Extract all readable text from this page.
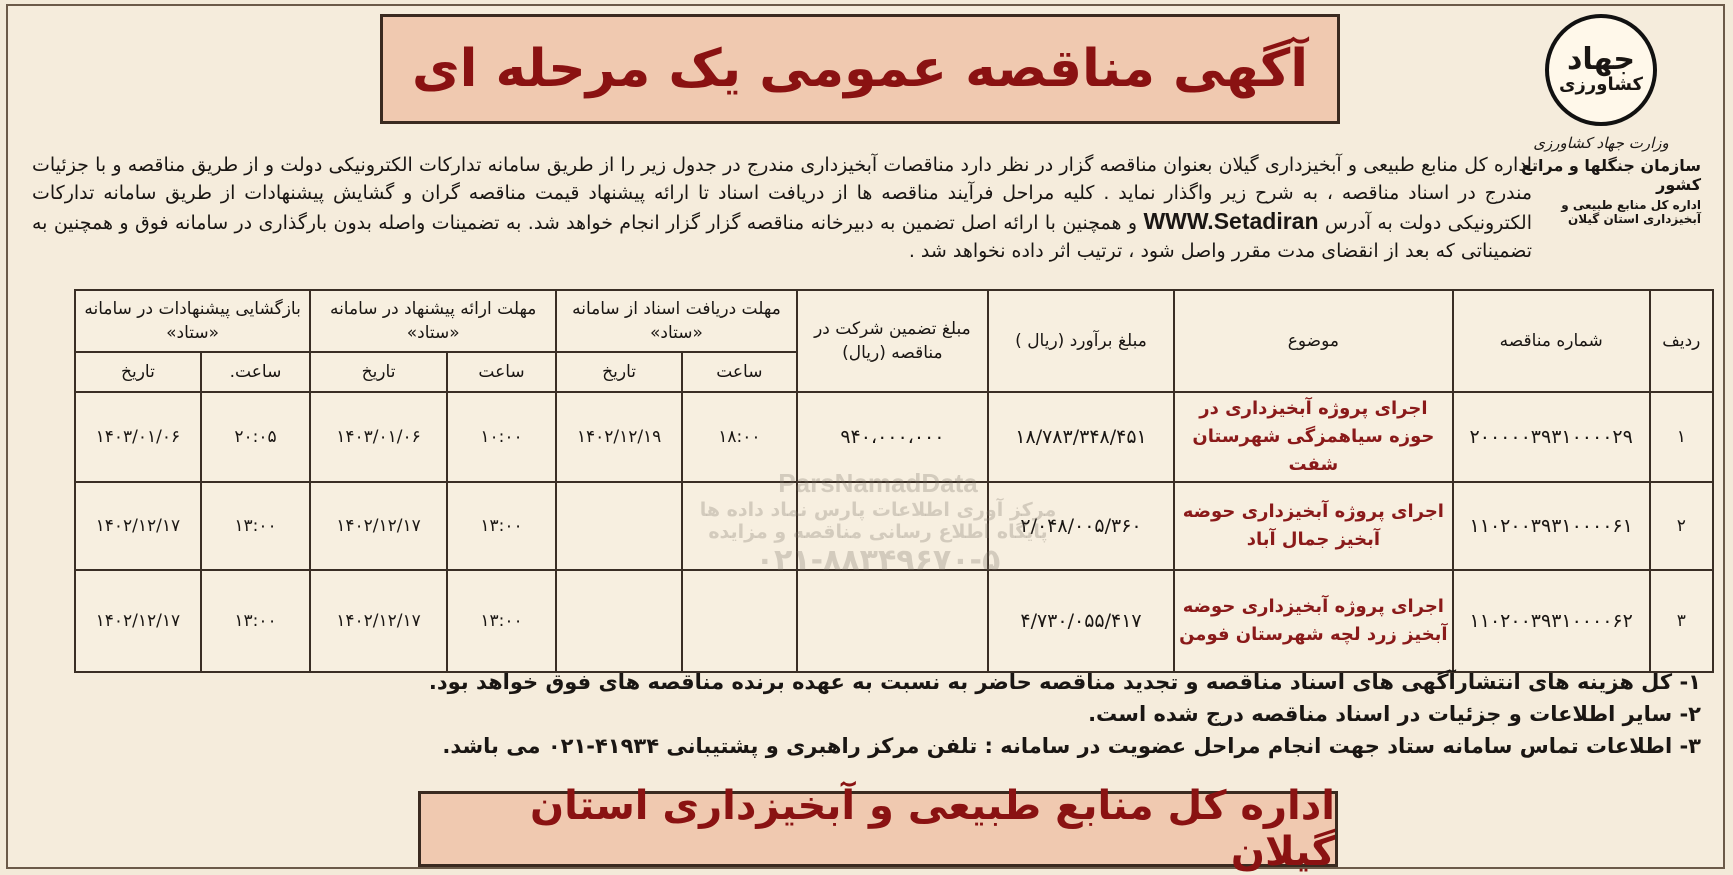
آگهی مناقصه عمومی یک مرحله ای	جهاد
کشاورزی
وزارت جهاد کشاورزی
سازمان جنگلها و مراتع کشور
اداره کل منابع طبیعی و آبخیزداری استان گیلان
اداره کل منابع طبیعی و آبخیزداری گیلان بعنوان مناقصه گزار در نظر دارد مناقصات آبخیزداری مندرج در جدول زیر را از طریق سامانه تدارکات الکترونیکی دولت و از طریق مناقصه و با جزئیات مندرج در اسناد مناقصه ، به شرح زیر واگذار نماید . کلیه مراحل فرآیند مناقصه ها از دریافت اسناد تا ارائه پیشنهاد قیمت مناقصه گران و گشایش پیشنهادات از طریق سامانه تدارکات الکترونیکی دولت به آدرس WWW.Setadiran و همچنین با ارائه اصل تضمین به دبیرخانه مناقصه گزار گزار انجام خواهد شد. به تضمینات واصله بدون بارگذاری در سامانه فوق و همچنین به تضمیناتی که بعد از انقضای مدت مقرر واصل شود ، ترتیب اثر داده نخواهد شد .
ردیف	شماره مناقصه	موضوع	مبلغ برآورد (ریال )	مبلغ تضمین شرکت در مناقصه (ریال)	مهلت دریافت اسناد از سامانه «ستاد»		مهلت ارائه پیشنهاد در سامانه «ستاد»		بازگشایی پیشنهادات در سامانه «ستاد»	
					ساعت	تاریخ	ساعت	تاریخ	ساعت.	تاریخ
۱	۲۰۰۰۰۰۳۹۳۱۰۰۰۰۲۹	اجرای پروژه آبخیزداری در حوزه سیاهمزگی شهرستان شفت	۱۸/۷۸۳/۳۴۸/۴۵۱	۹۴۰،۰۰۰،۰۰۰	۱۸:۰۰	۱۴۰۲/۱۲/۱۹	۱۰:۰۰	۱۴۰۳/۰۱/۰۶	۲۰:۰۵	۱۴۰۳/۰۱/۰۶
۲	۱۱۰۲۰۰۳۹۳۱۰۰۰۰۶۱	اجرای پروژه آبخیزداری حوضه آبخیز جمال آباد	۲/۰۴۸/۰۰۵/۳۶۰				۱۳:۰۰	۱۴۰۲/۱۲/۱۷	۱۳:۰۰	۱۴۰۲/۱۲/۱۷
۳	۱۱۰۲۰۰۳۹۳۱۰۰۰۰۶۲	اجرای پروژه آبخیزداری حوضه آبخیز زرد لچه شهرستان فومن	۴/۷۳۰/۰۵۵/۴۱۷				۱۳:۰۰	۱۴۰۲/۱۲/۱۷	۱۳:۰۰	۱۴۰۲/۱۲/۱۷
ParsNamadData
مرکز آوری اطلاعات پارس نماد داده ها
پایگاه اطلاع رسانی مناقصه و مزایده
۰۲۱-۸۸۳۴۹۶۷۰-۵
۱- کل هزینه های انتشارآگهی های اسناد مناقصه و تجدید مناقصه حاضر به نسبت به عهده برنده مناقصه های فوق خواهد بود.
۲- سایر اطلاعات و جزئیات در اسناد مناقصه درج شده است.
۳- اطلاعات تماس سامانه ستاد جهت انجام مراحل عضویت در سامانه : تلفن مرکز راهبری و پشتیبانی ۴۱۹۳۴-۰۲۱ می باشد.
اداره کل منابع طبیعی و آبخیزداری استان گیلان
